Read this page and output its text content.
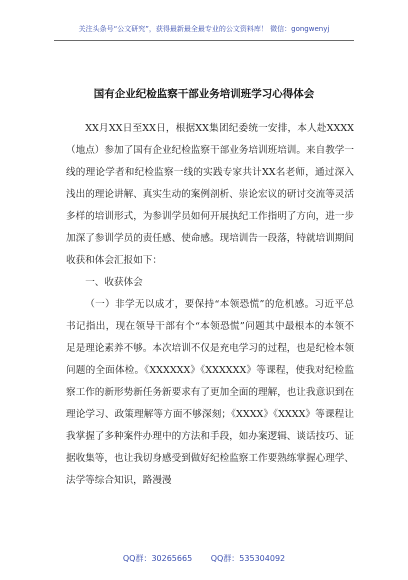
关注头条号“公文研究”，获得最新最全最专业的公文资料库！ 微信：gongwenyj
国有企业纪检监察干部业务培训班学习心得体会

XX月XX日至XX日，根据XX集团纪委统一安排，本人赴XXXX（地点）参加了国有企业纪检监察干部业务培训班培训。来自教学一线的理论学者和纪检监察一线的实践专家共计XX名老师，通过深入浅出的理论讲解、真实生动的案例剖析、崇论宏议的研讨交流等灵活多样的培训形式，为参训学员如何开展执纪工作指明了方向，进一步加深了参训学员的责任感、使命感。现培训告一段落，特就培训期间收获和体会汇报如下：

一、收获体会

（一）非学无以成才，要保持“本领恐慌”的危机感。习近平总书记指出，现在领导干部有个“本领恐慌”问题其中最根本的本领不足是理论素养不够。本次培训不仅是充电学习的过程，也是纪检本领问题的全面体检。《XXXXXX》《XXXXXX》等课程，使我对纪检监察工作的新形势新任务新要求有了更加全面的理解，也让我意识到在理论学习、政策理解等方面不够深刻；《XXXX》《XXXX》等课程让我掌握了多种案件办理中的方法和手段，如办案逻辑、谈话技巧、证据收集等，也让我切身感受到做好纪检监察工作要熟练掌握心理学、法学等综合知识，路漫漫

QQ群：30265665 QQ群：535304092
